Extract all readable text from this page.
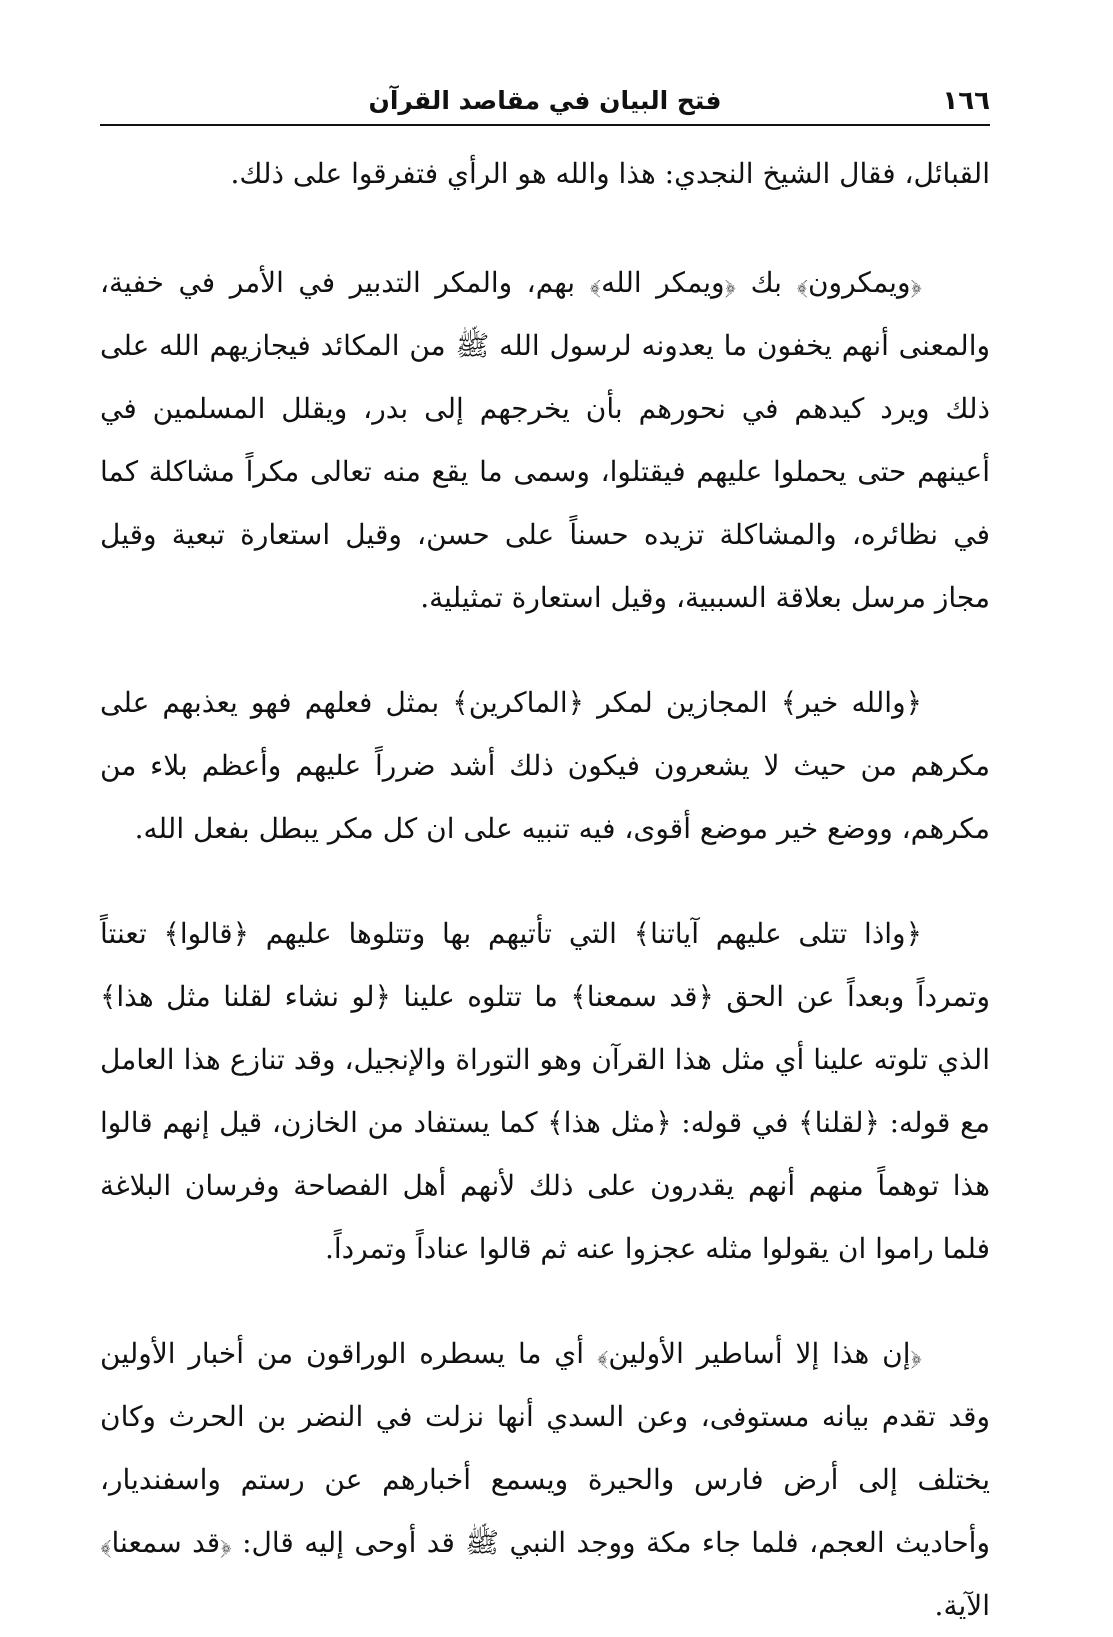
١٦٦
فتح البيان في مقاصد القرآن

القبائل، فقال الشيخ النجدي: هذا والله هو الرأي فتفرقوا على ذلك.

﴿ويمكرون﴾ بك ﴿ويمكر الله﴾ بهم، والمكر التدبير في الأمر في خفية، والمعنى أنهم يخفون ما يعدونه لرسول الله ﷺ من المكائد فيجازيهم الله على ذلك ويرد كيدهم في نحورهم بأن يخرجهم إلى بدر، ويقلل المسلمين في أعينهم حتى يحملوا عليهم فيقتلوا، وسمى ما يقع منه تعالى مكراً مشاكلة كما في نظائره، والمشاكلة تزيده حسناً على حسن، وقيل استعارة تبعية وقيل مجاز مرسل بعلاقة السببية، وقيل استعارة تمثيلية.

﴿والله خير﴾ المجازين لمكر ﴿الماكرين﴾ بمثل فعلهم فهو يعذبهم على مكرهم من حيث لا يشعرون فيكون ذلك أشد ضرراً عليهم وأعظم بلاء من مكرهم، ووضع خير موضع أقوى، فيه تنبيه على ان كل مكر يبطل بفعل الله.

﴿واذا تتلى عليهم آياتنا﴾ التي تأتيهم بها وتتلوها عليهم ﴿قالوا﴾ تعنتاً وتمرداً وبعداً عن الحق ﴿قد سمعنا﴾ ما تتلوه علينا ﴿لو نشاء لقلنا مثل هذا﴾ الذي تلوته علينا أي مثل هذا القرآن وهو التوراة والإنجيل، وقد تنازع هذا العامل مع قوله: ﴿لقلنا﴾ في قوله: ﴿مثل هذا﴾ كما يستفاد من الخازن، قيل إنهم قالوا هذا توهماً منهم أنهم يقدرون على ذلك لأنهم أهل الفصاحة وفرسان البلاغة فلما راموا ان يقولوا مثله عجزوا عنه ثم قالوا عناداً وتمرداً.

﴿إن هذا إلا أساطير الأولين﴾ أي ما يسطره الوراقون من أخبار الأولين وقد تقدم بيانه مستوفى، وعن السدي أنها نزلت في النضر بن الحرث وكان يختلف إلى أرض فارس والحيرة ويسمع أخبارهم عن رستم واسفنديار، وأحاديث العجم، فلما جاء مكة ووجد النبي ﷺ قد أوحى إليه قال: ﴿قد سمعنا﴾ الآية.
